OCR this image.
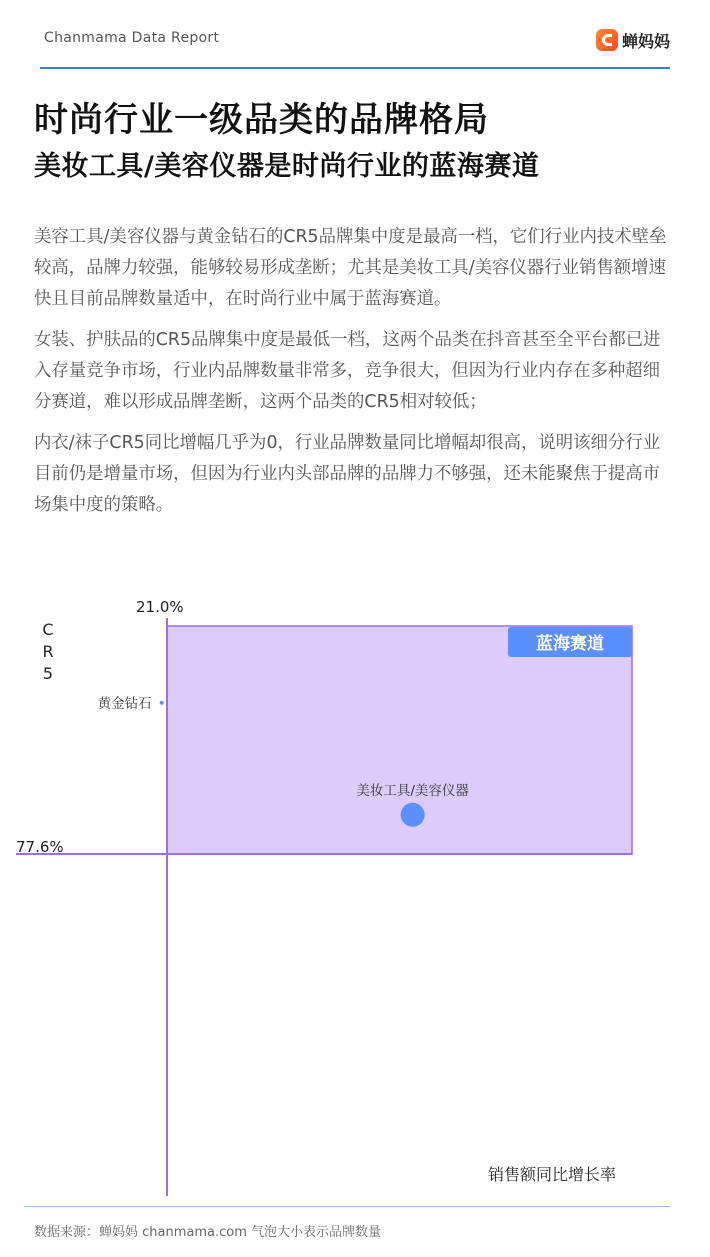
Chanmama Data Report	蝉妈妈
时尚行业一级品类的品牌格局
美妆工具/美容仪器是时尚行业的蓝海赛道

美容工具/美容仪器与黄金钻石的CR5品牌集中度是最高一档，它们行业内技术壁垒较高，品牌力较强，能够较易形成垄断；尤其是美妆工具/美容仪器行业销售额增速快且目前品牌数量适中，在时尚行业中属于蓝海赛道。

女装、护肤品的CR5品牌集中度是最低一档，这两个品类在抖音甚至全平台都已进入存量竞争市场，行业内品牌数量非常多，竞争很大，但因为行业内存在多种超细分赛道，难以形成品牌垄断，这两个品类的CR5相对较低；

内衣/袜子CR5同比增幅几乎为0，行业品牌数量同比增幅却很高，说明该细分行业目前仍是增量市场，但因为行业内头部品牌的品牌力不够强，还未能聚焦于提高市场集中度的策略。

蓝海赛道
21.0%
77.6%
C
R
5
销售额同比增长率
黄金钻石
美妆工具/美容仪器
数据来源：蝉妈妈 chanmama.com 气泡大小表示品牌数量
